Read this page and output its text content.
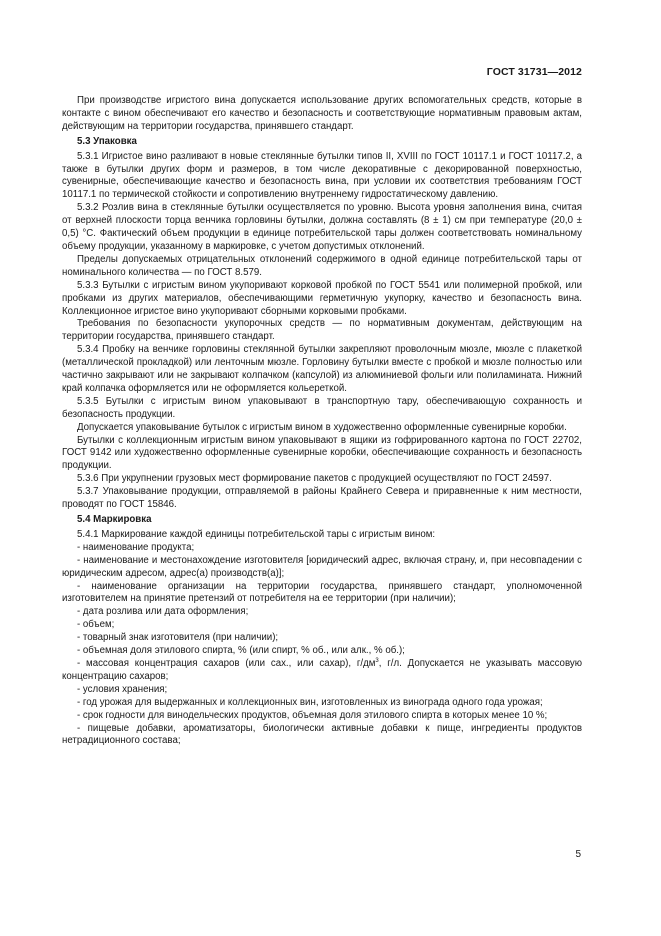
ГОСТ 31731—2012

При производстве игристого вина допускается использование других вспомогательных средств, которые в контакте с вином обеспечивают его качество и безопасность и соответствующие нормативным правовым актам, действующим на территории государства, принявшего стандарт.

5.3 Упаковка

5.3.1 Игристое вино разливают в новые стеклянные бутылки типов II, XVIII по ГОСТ 10117.1 и ГОСТ 10117.2, а также в бутылки других форм и размеров, в том числе декоративные с декорированной поверхностью, сувенирные, обеспечивающие качество и безопасность вина, при условии их соответствия требованиям ГОСТ 10117.1 по термической стойкости и сопротивлению внутреннему гидростатическому давлению.

5.3.2 Розлив вина в стеклянные бутылки осуществляется по уровню. Высота уровня заполнения вина, считая от верхней плоскости торца венчика горловины бутылки, должна составлять (8 ± 1) см при температуре (20,0 ± 0,5) °С. Фактический объем продукции в единице потребительской тары должен соответствовать номинальному объему продукции, указанному в маркировке, с учетом допустимых отклонений.

Пределы допускаемых отрицательных отклонений содержимого в одной единице потребительской тары от номинального количества — по ГОСТ 8.579.

5.3.3 Бутылки с игристым вином укупоривают корковой пробкой по ГОСТ 5541 или полимерной пробкой, или пробками из других материалов, обеспечивающими герметичную укупорку, качество и безопасность вина. Коллекционное игристое вино укупоривают сборными корковыми пробками.

Требования по безопасности укупорочных средств — по нормативным документам, действующим на территории государства, принявшего стандарт.

5.3.4 Пробку на венчике горловины стеклянной бутылки закрепляют проволочным мюзле, мюзле с плакеткой (металлической прокладкой) или ленточным мюзле. Горловину бутылки вместе с пробкой и мюзле полностью или частично закрывают или не закрывают колпачком (капсулой) из алюминиевой фольги или полиламината. Нижний край колпачка оформляется или не оформляется кольереткой.

5.3.5 Бутылки с игристым вином упаковывают в транспортную тару, обеспечивающую сохранность и безопасность продукции.

Допускается упаковывание бутылок с игристым вином в художественно оформленные сувенирные коробки.

Бутылки с коллекционным игристым вином упаковывают в ящики из гофрированного картона по ГОСТ 22702, ГОСТ 9142 или художественно оформленные сувенирные коробки, обеспечивающие сохранность и безопасность продукции.

5.3.6 При укрупнении грузовых мест формирование пакетов с продукцией осуществляют по ГОСТ 24597.

5.3.7 Упаковывание продукции, отправляемой в районы Крайнего Севера и приравненные к ним местности, проводят по ГОСТ 15846.

5.4 Маркировка

5.4.1 Маркирование каждой единицы потребительской тары с игристым вином:

- наименование продукта;

- наименование и местонахождение изготовителя [юридический адрес, включая страну, и, при несовпадении с юридическим адресом, адрес(а) производств(а)];

- наименование организации на территории государства, принявшего стандарт, уполномоченной изготовителем на принятие претензий от потребителя на ее территории (при наличии);

- дата розлива или дата оформления;

- объем;

- товарный знак изготовителя (при наличии);

- объемная доля этилового спирта, % (или спирт, % об., или алк., % об.);

- массовая концентрация сахаров (или сах., или сахар), $г/дм^3$, г/л. Допускается не указывать массовую концентрацию сахаров;

- условия хранения;

- год урожая для выдержанных и коллекционных вин, изготовленных из винограда одного года урожая;

- срок годности для винодельческих продуктов, объемная доля этилового спирта в которых менее 10 %;

- пищевые добавки, ароматизаторы, биологически активные добавки к пище, ингредиенты продуктов нетрадиционного состава;

5
